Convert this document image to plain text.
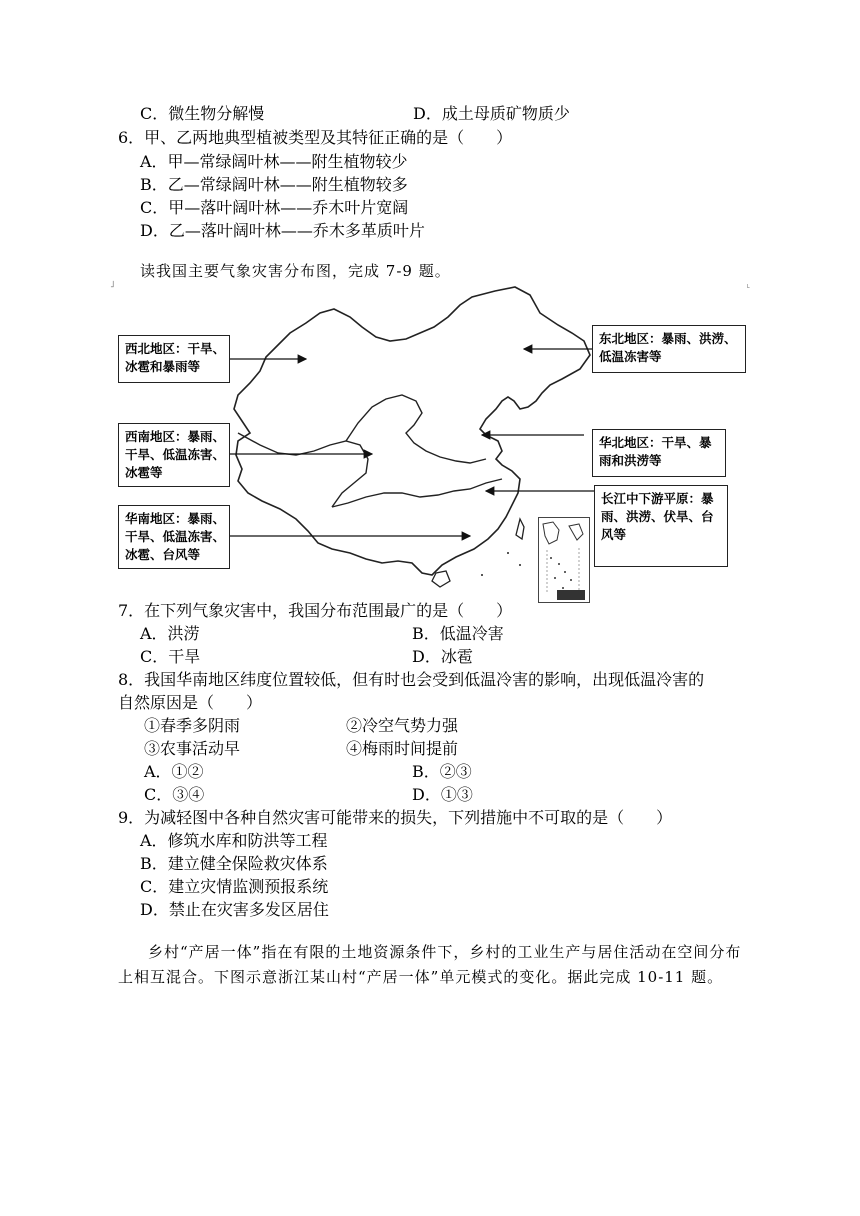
C．微生物分解慢	D．成土母质矿物质少
6．甲、乙两地典型植被类型及其特征正确的是（　　）
A．甲—常绿阔叶林——附生植物较少
B．乙—常绿阔叶林——附生植物较多
C．甲—落叶阔叶林——乔木叶片宽阔
D．乙—落叶阔叶林——乔木多革质叶片
读我国主要气象灾害分布图，完成 7-9 题。
˩	˪
西北地区：干旱、
冰雹和暴雨等
西南地区：暴雨、
干旱、低温冻害、
冰雹等
华南地区：暴雨、
干旱、低温冻害、
冰雹、台风等
东北地区：暴雨、洪涝、
低温冻害等
华北地区：干旱、暴
雨和洪涝等
长江中下游平原：暴
雨、洪涝、伏旱、台
风等
7．在下列气象灾害中，我国分布范围最广的是（　　）
A．洪涝	B．低温冷害
C．干旱	D．冰雹
8．我国华南地区纬度位置较低，但有时也会受到低温冷害的影响，出现低温冷害的
自然原因是（　　）
①春季多阴雨	②冷空气势力强
③农事活动早	④梅雨时间提前
A．①②	B．②③
C．③④	D．①③
9．为减轻图中各种自然灾害可能带来的损失，下列措施中不可取的是（　　）
A．修筑水库和防洪等工程
B．建立健全保险救灾体系
C．建立灾情监测预报系统
D．禁止在灾害多发区居住
乡村“产居一体”指在有限的土地资源条件下，乡村的工业生产与居住活动在空间分布上相互混合。下图示意浙江某山村“产居一体”单元模式的变化。据此完成 10-11 题。
